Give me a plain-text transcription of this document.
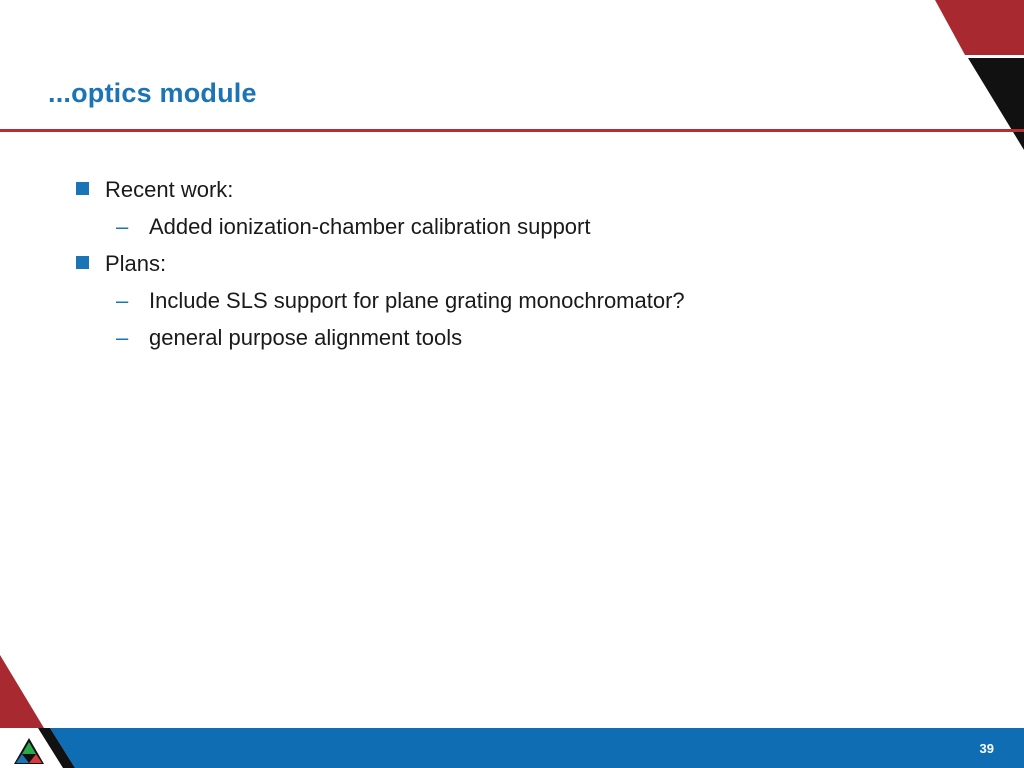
...optics module
Recent work:
– Added ionization-chamber calibration support
Plans:
– Include SLS support for plane grating monochromator?
– general purpose alignment tools
39
